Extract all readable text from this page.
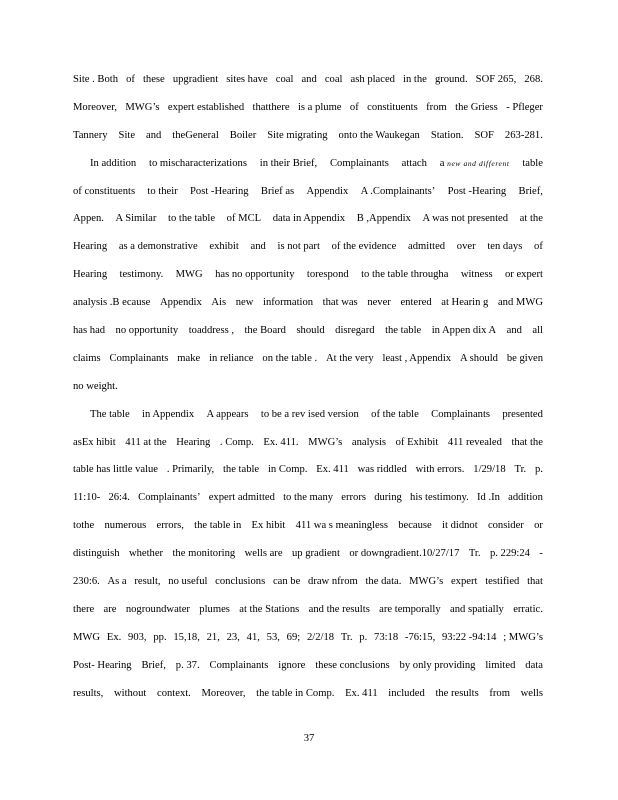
Site . Both of these upgradient sites have coal and coal ash placed in the ground. SOF 265, 268.
Moreover, MWG’s expert established thatthere is a plume of constituents from the Griess - Pfleger
Tannery Site and theGeneral Boiler Site migrating onto the Waukegan Station. SOF 263-281.
In addition to mischaracterizations in their Brief, Complainants attach a new and different table
of constituents to their Post -Hearing Brief as Appendix A .Complainants’ Post -Hearing Brief,
Appen. A Similar to the table of MCL data in Appendix B ,Appendix A was not presented at the
Hearing as a demonstrative exhibit and is not part of the evidence admitted over ten days of
Hearing testimony. MWG has no opportunity torespond to the table throughа witness or expert
analysis .B ecause Appendix Ais new information that was never entered at Hearin g and MWG
has had no opportunity toaddress , the Board should disregard the table in Appen dix A and all
claims Complainants make in reliance on the table . At the very least , Appendix A should be given
no weight.
The table in Appendix A appears to be a rev ised version of the table Complainants presented
asEx hibit 411 at the Hearing . Comp. Ex. 411. MWG’s analysis of Exhibit 411 revealed that the
table has little value . Primarily, the table in Comp. Ex. 411 was riddled with errors. 1/29/18 Tr. p.
11:10- 26:4. Complainants’ expert admitted to the many errors during his testimony. Id .In addition
tothe numerous errors, the table in Ex hibit 411 wa s meaningless because it didnot consider or
distinguish whether the monitoring wells are up gradient or downgradient.10/27/17 Tr. p. 229:24 -
230:6. As a result, no useful conclusions can be draw nfrom the data. MWG’s expert testified that
there are nogroundwater plumes at the Stations and the results are temporally and spatially erratic.
MWG Ex. 903, pp. 15,18, 21, 23, 41, 53, 69; 2/2/18 Tr. p. 73:18 -76:15, 93:22 -94:14 ; MWG’s
Post- Hearing Brief, p. 37. Complainants ignore these conclusions by only providing limited data
results, without context. Moreover, the table in Comp. Ex. 411 included the results from wells
37
